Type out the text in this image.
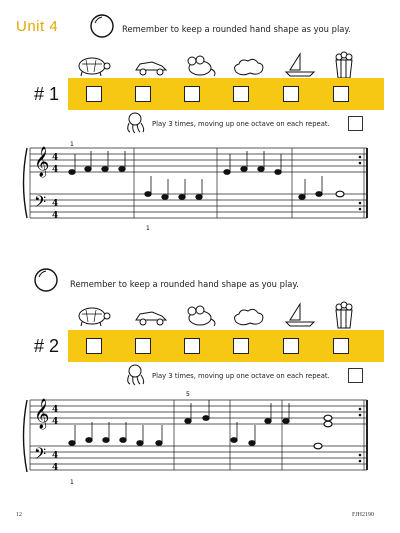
Unit 4	Remember to keep a rounded hand shape as you play.
# 1
Play 3 times, moving up one octave on each repeat.
𝄞
𝄢
4
4
4
4
1
1
Remember to keep a rounded hand shape as you play.
# 2
Play 3 times, moving up one octave on each repeat.
𝄞
𝄢
4
4
4
4
5
1
12	FJH2190
